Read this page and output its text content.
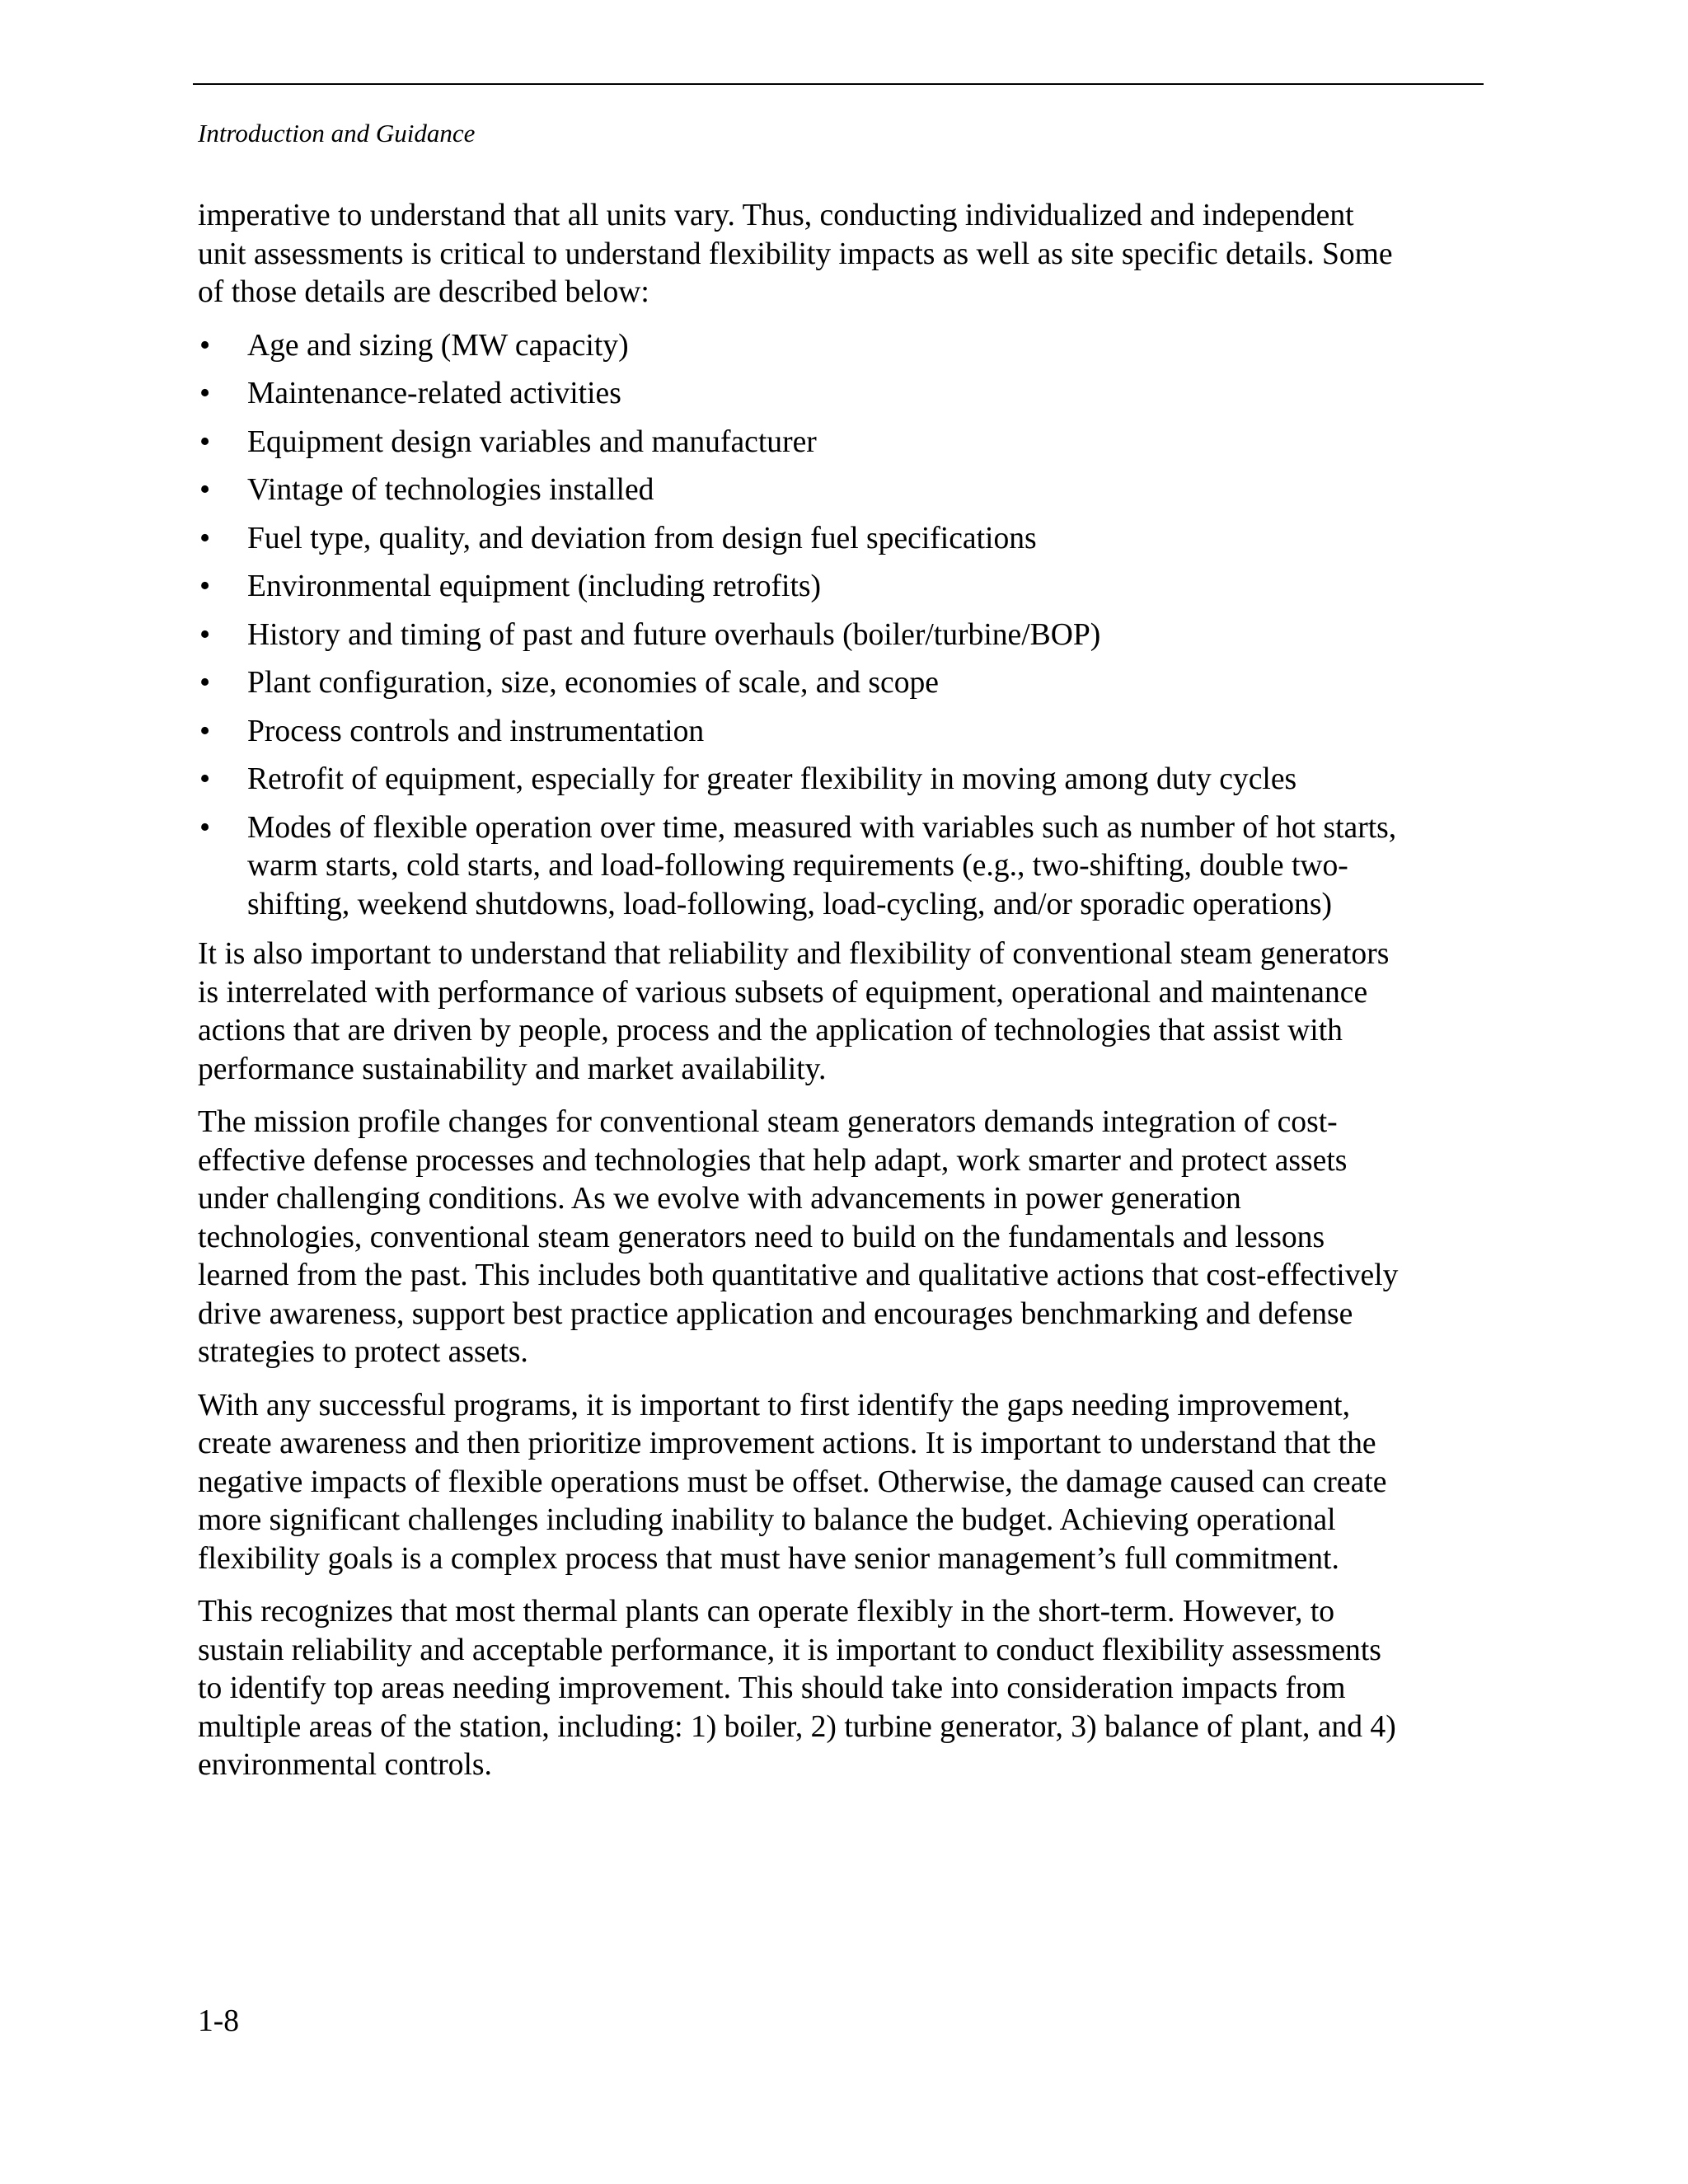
Introduction and Guidance

imperative to understand that all units vary. Thus, conducting individualized and independent
unit assessments is critical to understand flexibility impacts as well as site specific details. Some
of those details are described below:

•	Age and sizing (MW capacity)
•	Maintenance-related activities
•	Equipment design variables and manufacturer
•	Vintage of technologies installed
•	Fuel type, quality, and deviation from design fuel specifications
•	Environmental equipment (including retrofits)
•	History and timing of past and future overhauls (boiler/turbine/BOP)
•	Plant configuration, size, economies of scale, and scope
•	Process controls and instrumentation
•	Retrofit of equipment, especially for greater flexibility in moving among duty cycles
•	Modes of flexible operation over time, measured with variables such as number of hot starts,
warm starts, cold starts, and load-following requirements (e.g., two-shifting, double two-
shifting, weekend shutdowns, load-following, load-cycling, and/or sporadic operations)

It is also important to understand that reliability and flexibility of conventional steam generators
is interrelated with performance of various subsets of equipment, operational and maintenance
actions that are driven by people, process and the application of technologies that assist with
performance sustainability and market availability.

The mission profile changes for conventional steam generators demands integration of cost-
effective defense processes and technologies that help adapt, work smarter and protect assets
under challenging conditions. As we evolve with advancements in power generation
technologies, conventional steam generators need to build on the fundamentals and lessons
learned from the past. This includes both quantitative and qualitative actions that cost-effectively
drive awareness, support best practice application and encourages benchmarking and defense
strategies to protect assets.

With any successful programs, it is important to first identify the gaps needing improvement,
create awareness and then prioritize improvement actions. It is important to understand that the
negative impacts of flexible operations must be offset. Otherwise, the damage caused can create
more significant challenges including inability to balance the budget. Achieving operational
flexibility goals is a complex process that must have senior management’s full commitment.

This recognizes that most thermal plants can operate flexibly in the short-term. However, to
sustain reliability and acceptable performance, it is important to conduct flexibility assessments
to identify top areas needing improvement. This should take into consideration impacts from
multiple areas of the station, including: 1) boiler, 2) turbine generator, 3) balance of plant, and 4)
environmental controls.

1-8
